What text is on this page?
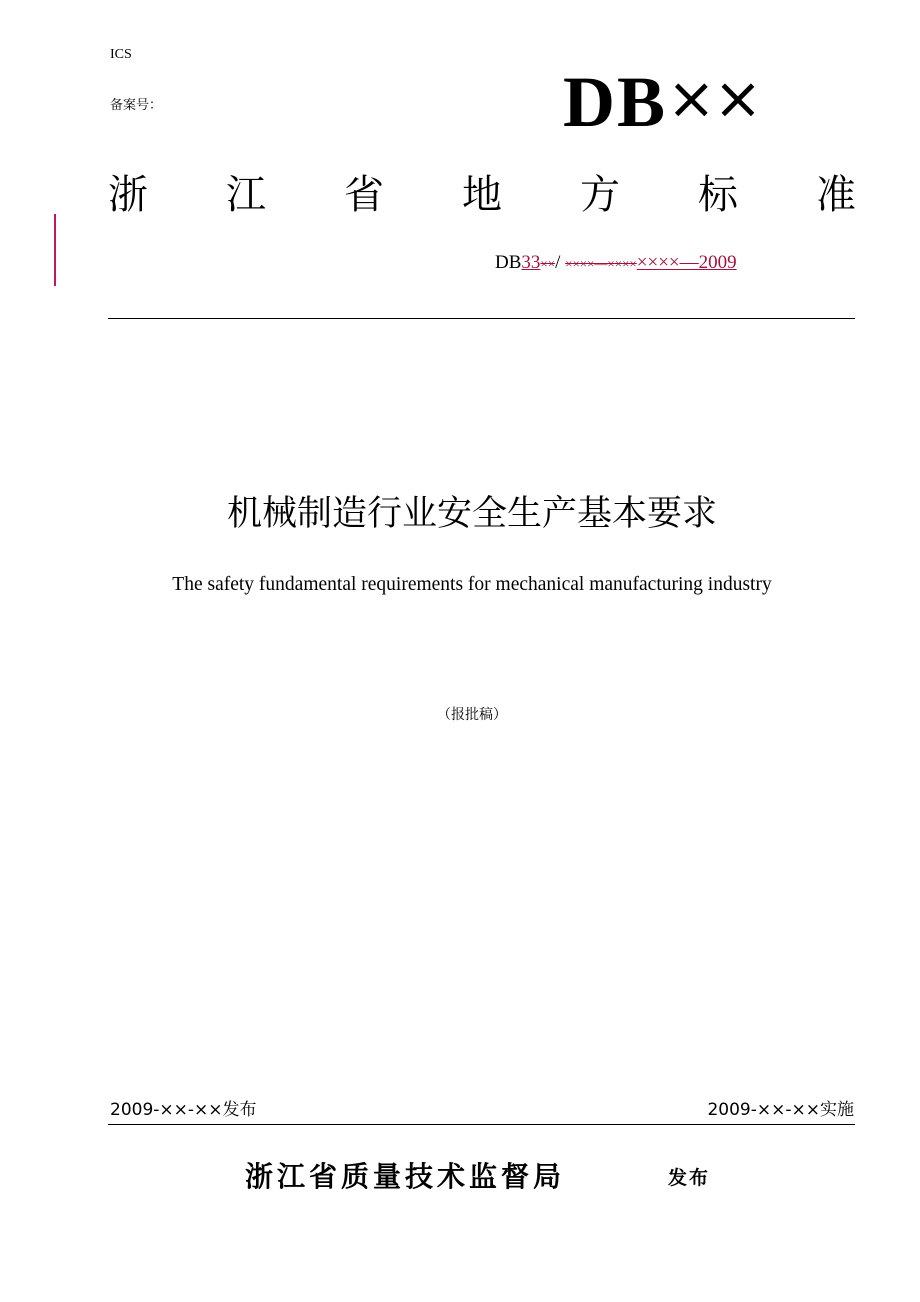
ICS
备案号：	DB××
浙 江 省 地 方 标 准
DB33××/ ××××—××××××××—2009
机械制造行业安全生产基本要求
The safety fundamental requirements for mechanical manufacturing industry
（报批稿）
2009-××-××发布	2009-××-××实施
浙江省质量技术监督局	发布
